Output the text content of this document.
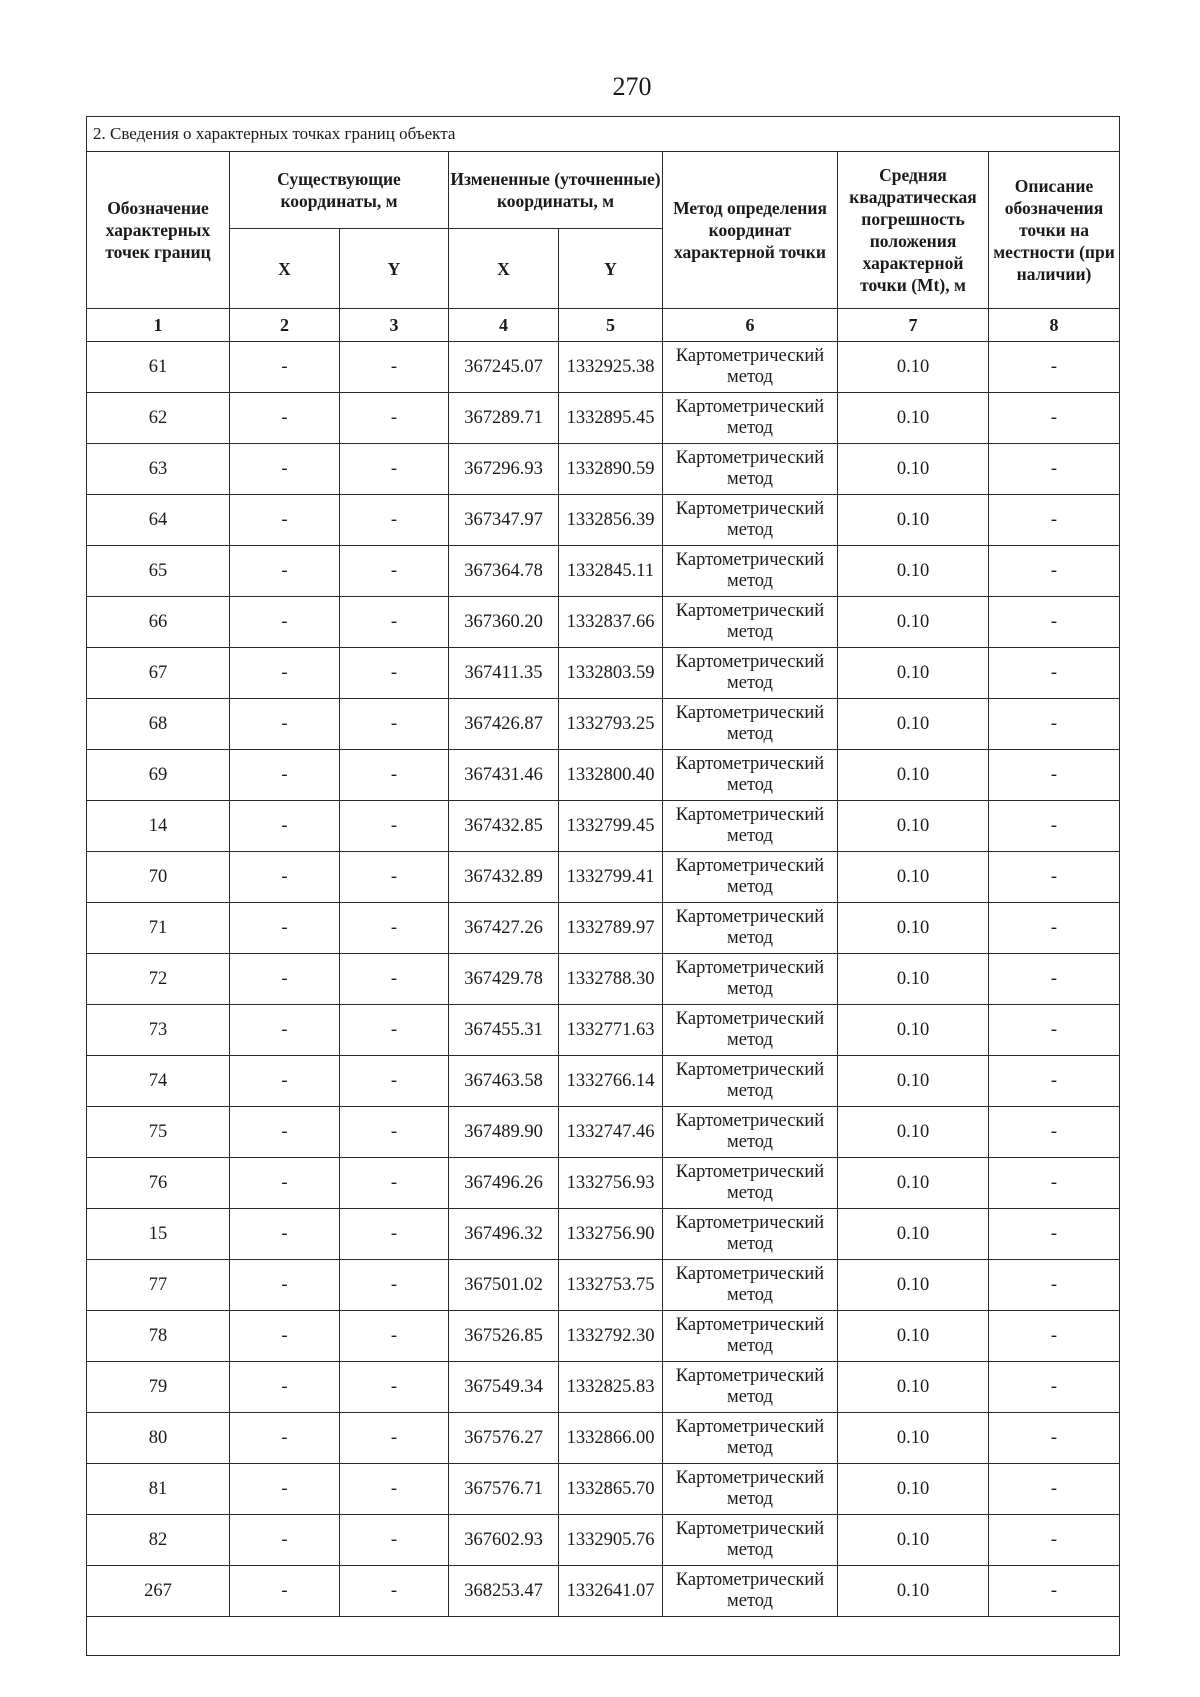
270
2. Сведения о характерных точках границ объекта							
Обозначение характерных точек границ	Существующие координаты, м		Измененные (уточненные) координаты, м		Метод определения координат характерной точки	Средняя квадратическая погрешность положения характерной точки (Mt), м	Описание обозначения точки на местности (при наличии)
	X	Y	X	Y			
1	2	3	4	5	6	7	8
61	-	-	367245.07	1332925.38	Картометрический метод	0.10	-
62	-	-	367289.71	1332895.45	Картометрический метод	0.10	-
63	-	-	367296.93	1332890.59	Картометрический метод	0.10	-
64	-	-	367347.97	1332856.39	Картометрический метод	0.10	-
65	-	-	367364.78	1332845.11	Картометрический метод	0.10	-
66	-	-	367360.20	1332837.66	Картометрический метод	0.10	-
67	-	-	367411.35	1332803.59	Картометрический метод	0.10	-
68	-	-	367426.87	1332793.25	Картометрический метод	0.10	-
69	-	-	367431.46	1332800.40	Картометрический метод	0.10	-
14	-	-	367432.85	1332799.45	Картометрический метод	0.10	-
70	-	-	367432.89	1332799.41	Картометрический метод	0.10	-
71	-	-	367427.26	1332789.97	Картометрический метод	0.10	-
72	-	-	367429.78	1332788.30	Картометрический метод	0.10	-
73	-	-	367455.31	1332771.63	Картометрический метод	0.10	-
74	-	-	367463.58	1332766.14	Картометрический метод	0.10	-
75	-	-	367489.90	1332747.46	Картометрический метод	0.10	-
76	-	-	367496.26	1332756.93	Картометрический метод	0.10	-
15	-	-	367496.32	1332756.90	Картометрический метод	0.10	-
77	-	-	367501.02	1332753.75	Картометрический метод	0.10	-
78	-	-	367526.85	1332792.30	Картометрический метод	0.10	-
79	-	-	367549.34	1332825.83	Картометрический метод	0.10	-
80	-	-	367576.27	1332866.00	Картометрический метод	0.10	-
81	-	-	367576.71	1332865.70	Картометрический метод	0.10	-
82	-	-	367602.93	1332905.76	Картометрический метод	0.10	-
267	-	-	368253.47	1332641.07	Картометрический метод	0.10	-
